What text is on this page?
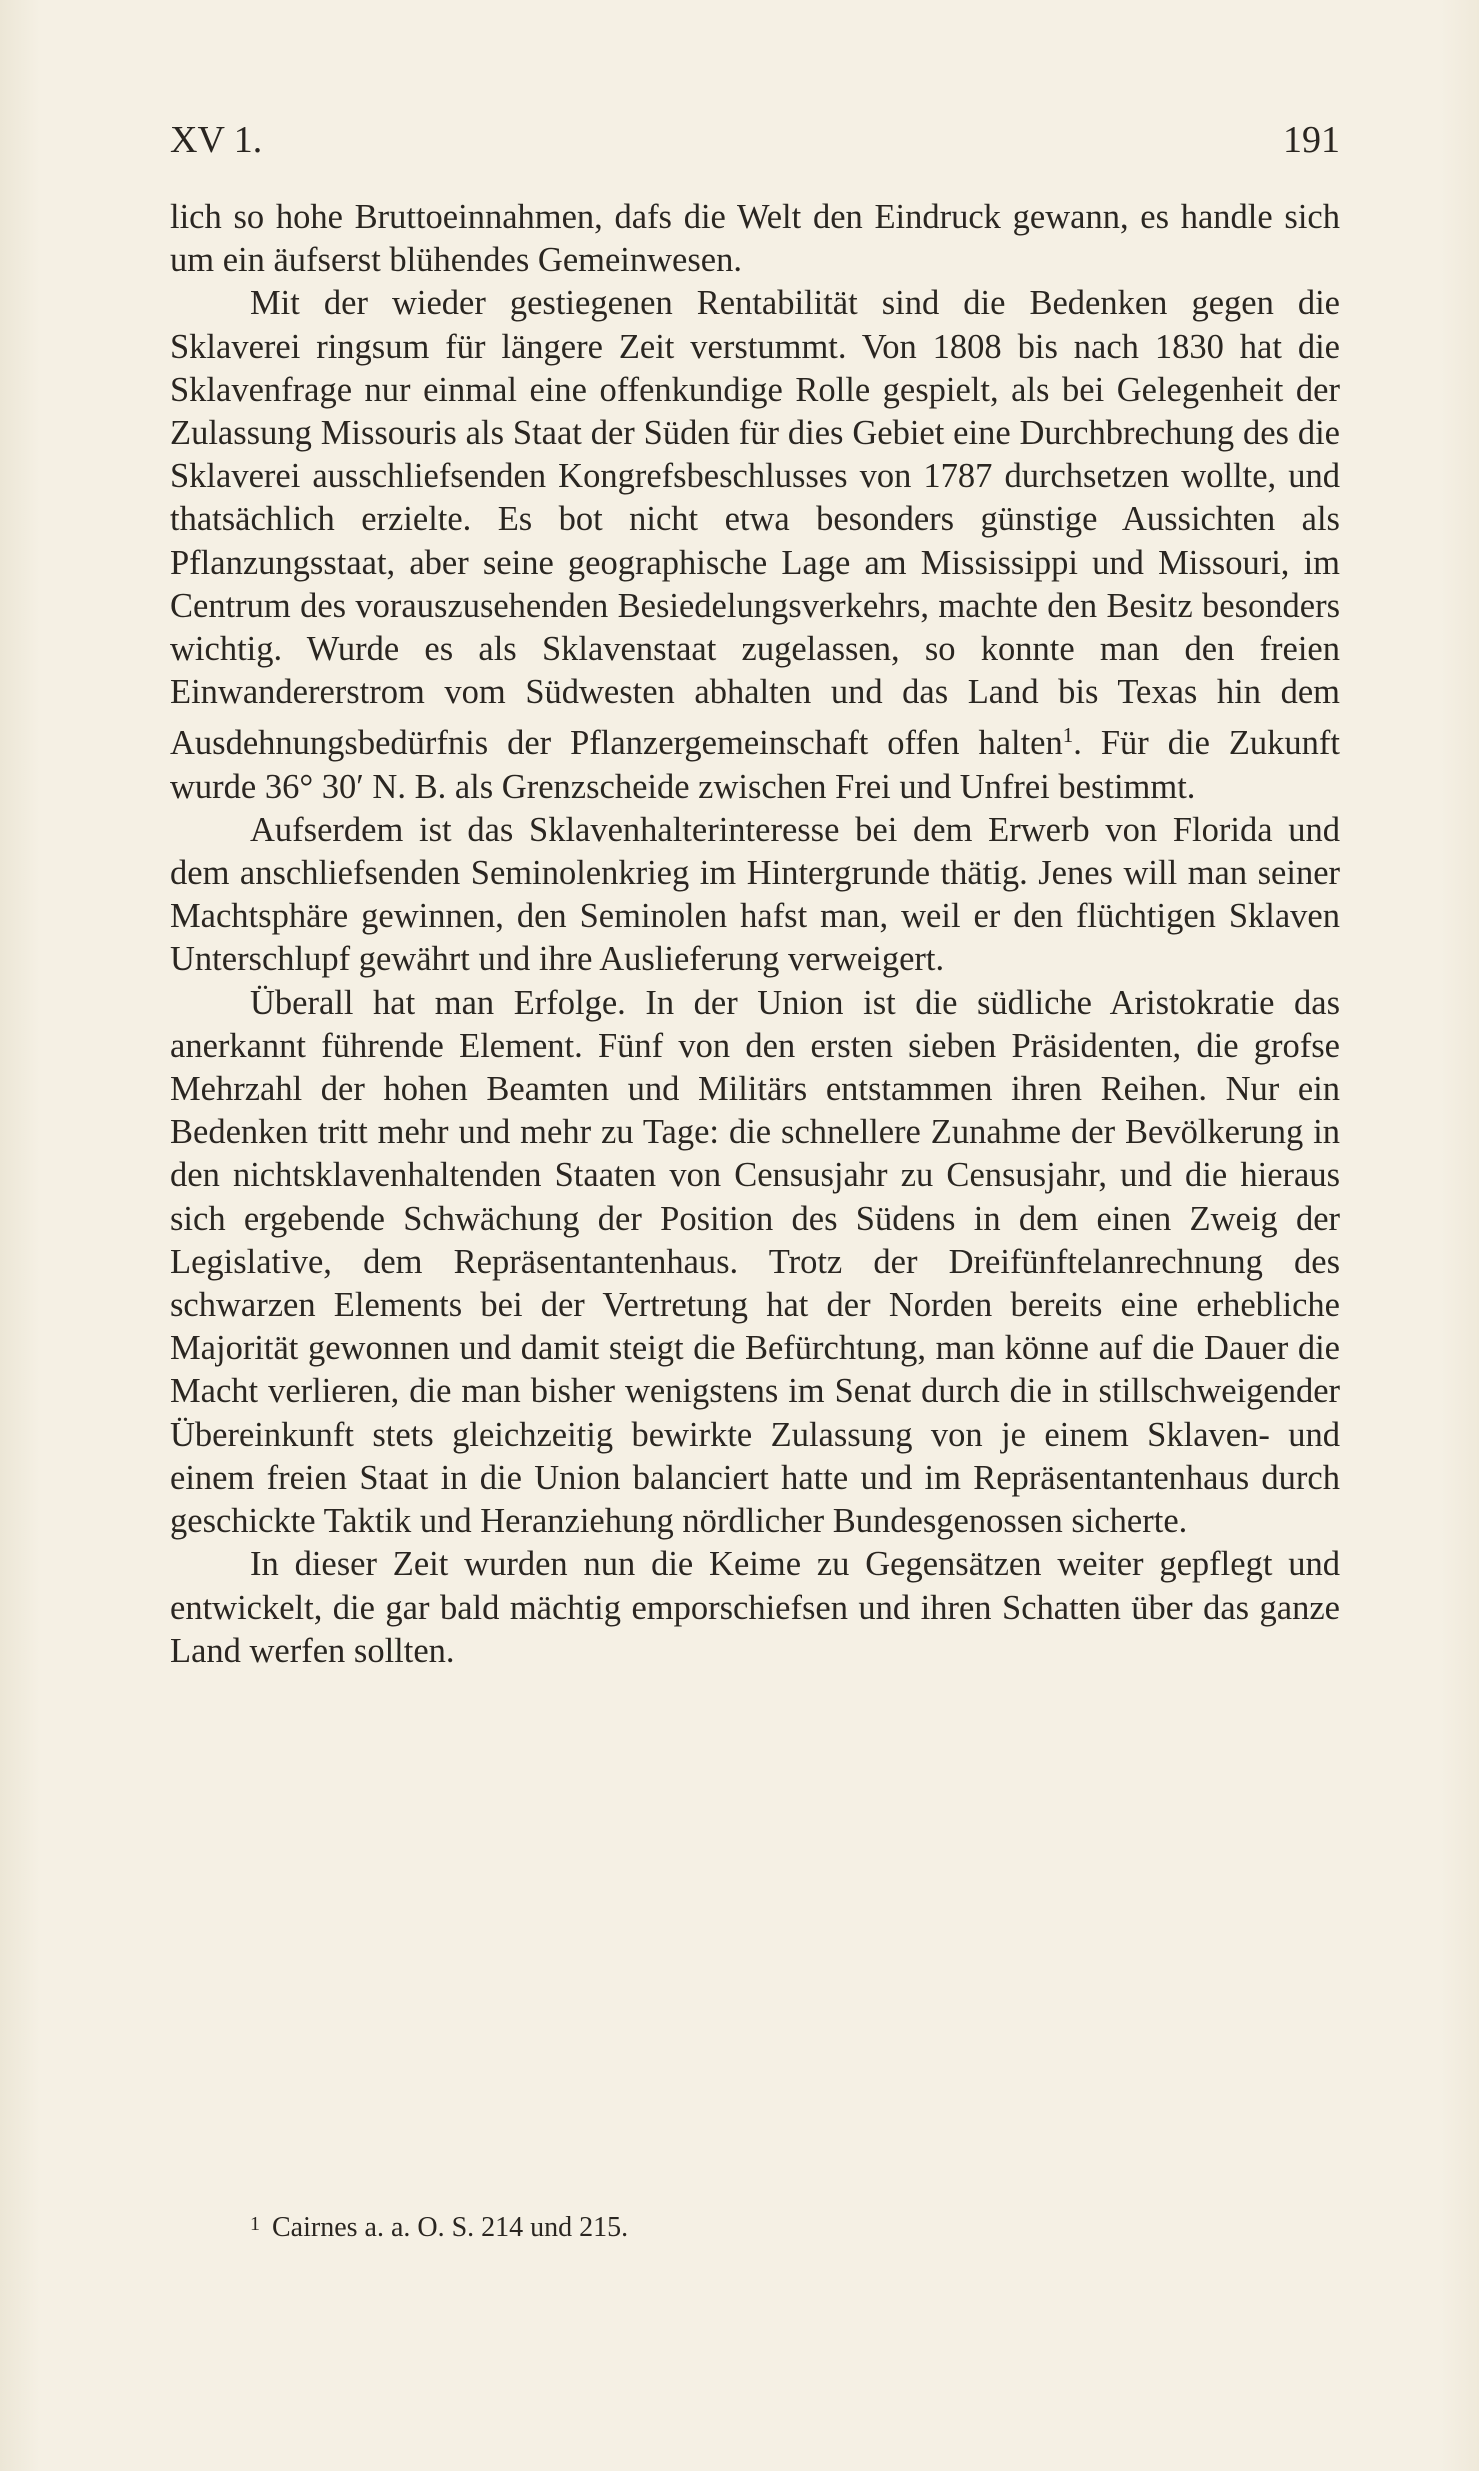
XV 1.	191

lich so hohe Bruttoeinnahmen, dafs die Welt den Eindruck gewann, es handle sich um ein äufserst blühendes Gemeinwesen.

Mit der wieder gestiegenen Rentabilität sind die Bedenken gegen die Sklaverei ringsum für längere Zeit verstummt. Von 1808 bis nach 1830 hat die Sklavenfrage nur einmal eine offenkundige Rolle gespielt, als bei Gelegenheit der Zulassung Missouris als Staat der Süden für dies Gebiet eine Durchbrechung des die Sklaverei ausschliefsenden Kongrefsbeschlusses von 1787 durchsetzen wollte, und thatsächlich erzielte. Es bot nicht etwa besonders günstige Aussichten als Pflanzungsstaat, aber seine geographische Lage am Mississippi und Missouri, im Centrum des vorauszusehenden Besiedelungsverkehrs, machte den Besitz besonders wichtig. Wurde es als Sklavenstaat zugelassen, so konnte man den freien Einwandererstrom vom Südwesten abhalten und das Land bis Texas hin dem Ausdehnungsbedürfnis der Pflanzergemeinschaft offen halten$^1$. Für die Zukunft wurde 36° 30′ N. B. als Grenzscheide zwischen Frei und Unfrei bestimmt.

Aufserdem ist das Sklavenhalterinteresse bei dem Erwerb von Florida und dem anschliefsenden Seminolenkrieg im Hintergrunde thätig. Jenes will man seiner Machtsphäre gewinnen, den Seminolen hafst man, weil er den flüchtigen Sklaven Unterschlupf gewährt und ihre Auslieferung verweigert.

Überall hat man Erfolge. In der Union ist die südliche Aristokratie das anerkannt führende Element. Fünf von den ersten sieben Präsidenten, die grofse Mehrzahl der hohen Beamten und Militärs entstammen ihren Reihen. Nur ein Bedenken tritt mehr und mehr zu Tage: die schnellere Zunahme der Bevölkerung in den nichtsklavenhaltenden Staaten von Censusjahr zu Censusjahr, und die hieraus sich ergebende Schwächung der Position des Südens in dem einen Zweig der Legislative, dem Repräsentantenhaus. Trotz der Dreifünftelanrechnung des schwarzen Elements bei der Vertretung hat der Norden bereits eine erhebliche Majorität gewonnen und damit steigt die Befürchtung, man könne auf die Dauer die Macht verlieren, die man bisher wenigstens im Senat durch die in stillschweigender Übereinkunft stets gleichzeitig bewirkte Zulassung von je einem Sklaven- und einem freien Staat in die Union balanciert hatte und im Repräsentantenhaus durch geschickte Taktik und Heranziehung nördlicher Bundesgenossen sicherte.

In dieser Zeit wurden nun die Keime zu Gegensätzen weiter gepflegt und entwickelt, die gar bald mächtig emporschiefsen und ihren Schatten über das ganze Land werfen sollten.

$^1$ Cairnes a. a. O. S. 214 und 215.
